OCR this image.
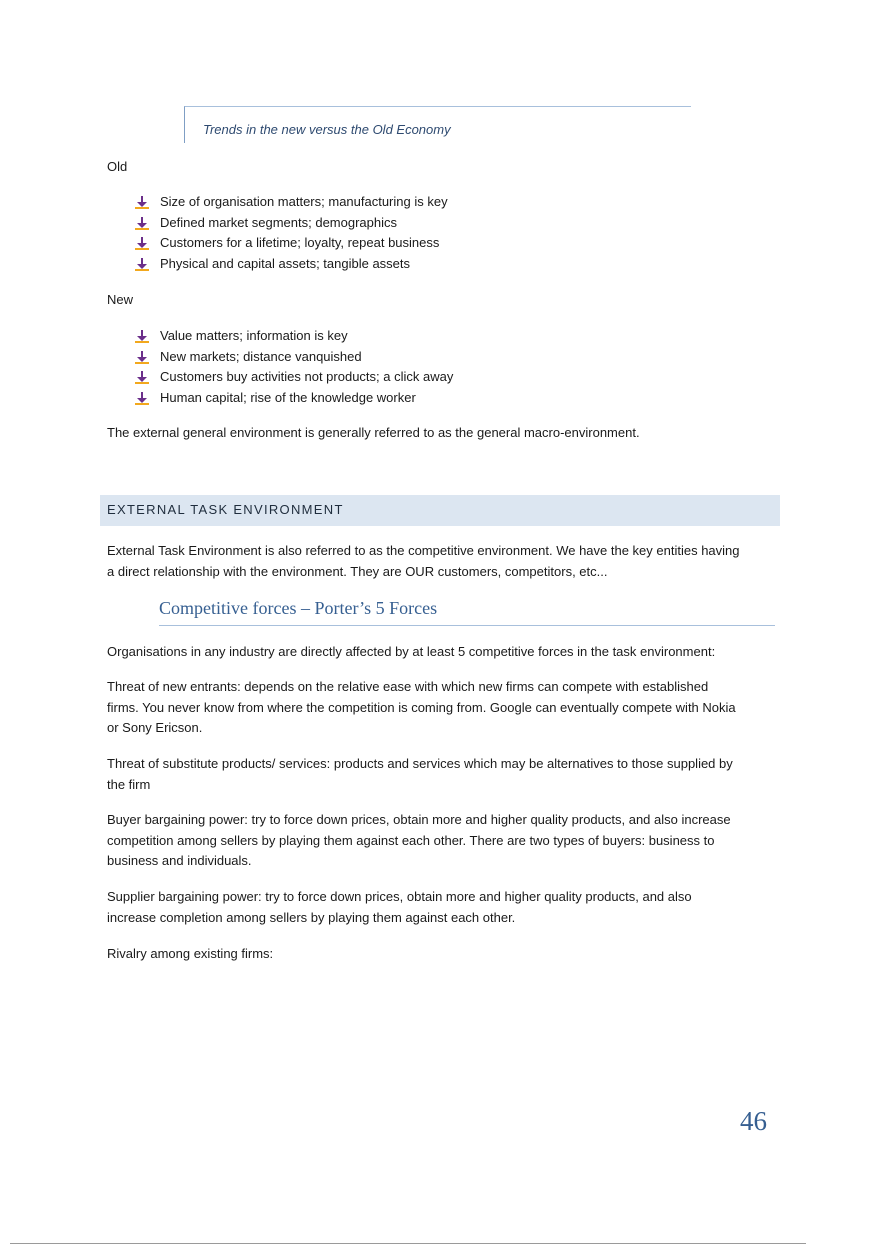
Trends in the new versus the Old Economy
Old
Size of organisation matters; manufacturing is key
Defined market segments; demographics
Customers for a lifetime; loyalty, repeat business
Physical and capital assets; tangible assets
New
Value matters; information is key
New markets; distance vanquished
Customers buy activities not products; a click away
Human capital; rise of the knowledge worker
The external general environment is generally referred to as the general macro-environment.
EXTERNAL TASK ENVIRONMENT
External Task Environment is also referred to as the competitive environment. We have the key entities having
a direct relationship with the environment. They are OUR customers, competitors, etc...
Competitive forces – Porter’s 5 Forces
Organisations in any industry are directly affected by at least 5 competitive forces in the task environment:
Threat of new entrants: depends on the relative ease with which new firms can compete with established
firms. You never know from where the competition is coming from. Google can eventually compete with Nokia
or Sony Ericson.
Threat of substitute products/ services: products and services which may be alternatives to those supplied by
the firm
Buyer bargaining power: try to force down prices, obtain more and higher quality products, and also increase
competition among sellers by playing them against each other. There are two types of buyers: business to
business and individuals.
Supplier bargaining power: try to force down prices, obtain more and higher quality products, and also
increase completion among sellers by playing them against each other.
Rivalry among existing firms:
46
